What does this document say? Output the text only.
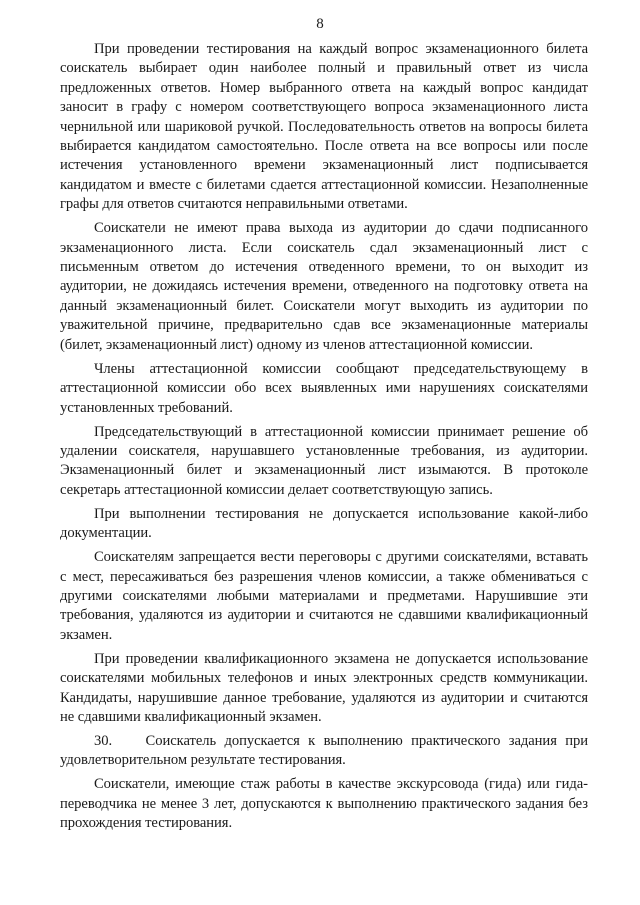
8

При проведении тестирования на каждый вопрос экзаменационного билета соискатель выбирает один наиболее полный и правильный ответ из числа предложенных ответов. Номер выбранного ответа на каждый вопрос кандидат заносит в графу с номером соответствующего вопроса экзаменационного листа чернильной или шариковой ручкой. Последовательность ответов на вопросы билета выбирается кандидатом самостоятельно. После ответа на все вопросы или после истечения установленного времени экзаменационный лист подписывается кандидатом и вместе с билетами сдается аттестационной комиссии. Незаполненные графы для ответов считаются неправильными ответами.

Соискатели не имеют права выхода из аудитории до сдачи подписанного экзаменационного листа. Если соискатель сдал экзаменационный лист с письменным ответом до истечения отведенного времени, то он выходит из аудитории, не дожидаясь истечения времени, отведенного на подготовку ответа на данный экзаменационный билет. Соискатели могут выходить из аудитории по уважительной причине, предварительно сдав все экзаменационные материалы (билет, экзаменационный лист) одному из членов аттестационной комиссии.

Члены аттестационной комиссии сообщают председательствующему в аттестационной комиссии обо всех выявленных ими нарушениях соискателями установленных требований.

Председательствующий в аттестационной комиссии принимает решение об удалении соискателя, нарушавшего установленные требования, из аудитории. Экзаменационный билет и экзаменационный лист изымаются. В протоколе секретарь аттестационной комиссии делает соответствующую запись.

При выполнении тестирования не допускается использование какой-либо документации.

Соискателям запрещается вести переговоры с другими соискателями, вставать с мест, пересаживаться без разрешения членов комиссии, а также обмениваться с другими соискателями любыми материалами и предметами. Нарушившие эти требования, удаляются из аудитории и считаются не сдавшими квалификационный экзамен.

При проведении квалификационного экзамена не допускается использование соискателями мобильных телефонов и иных электронных средств коммуникации. Кандидаты, нарушившие данное требование, удаляются из аудитории и считаются не сдавшими квалификационный экзамен.

30.    Соискатель допускается к выполнению практического задания при удовлетворительном результате тестирования.

Соискатели, имеющие стаж работы в качестве экскурсовода (гида) или гида-переводчика не менее 3 лет, допускаются к выполнению практического задания без прохождения тестирования.
